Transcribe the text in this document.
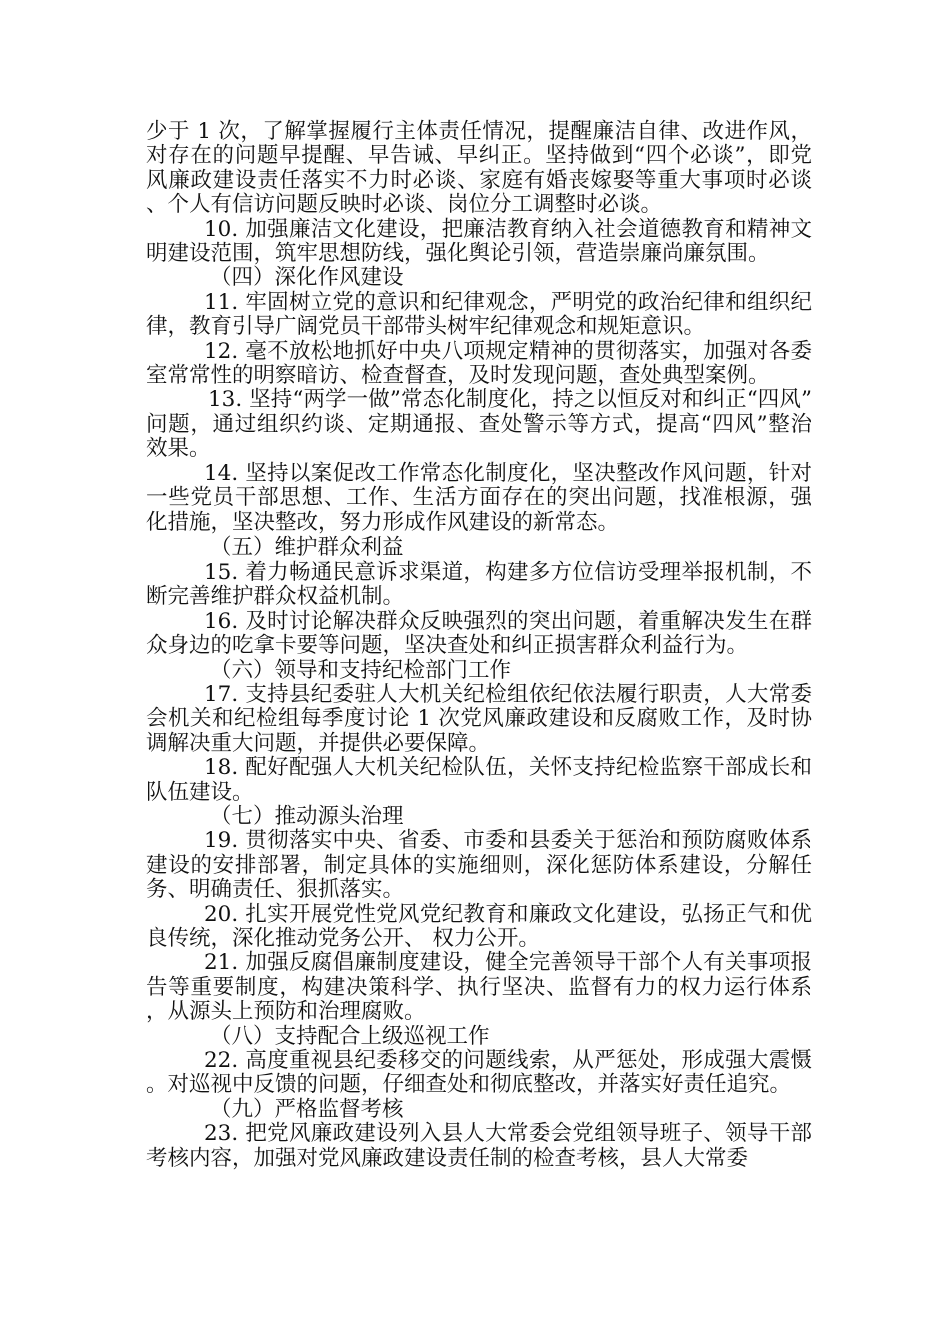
少于 1 次，了解掌握履行主体责任情况，提醒廉洁自律、改进作风，对存在的问题早提醒、早告诫、早纠正。坚持做到“四个必谈”，即党风廉政建设责任落实不力时必谈、家庭有婚丧嫁娶等重大事项时必谈、个人有信访问题反映时必谈、岗位分工调整时必谈。

10. 加强廉洁文化建设，把廉洁教育纳入社会道德教育和精神文明建设范围，筑牢思想防线，强化舆论引领，营造崇廉尚廉氛围。

（四）深化作风建设

11. 牢固树立党的意识和纪律观念，严明党的政治纪律和组织纪律，教育引导广阔党员干部带头树牢纪律观念和规矩意识。

12. 毫不放松地抓好中央八项规定精神的贯彻落实，加强对各委室常常性的明察暗访、检查督查，及时发现问题，查处典型案例。

13. 坚持“两学一做”常态化制度化，持之以恒反对和纠正“四风”问题，通过组织约谈、定期通报、查处警示等方式，提高“四风”整治效果。

14. 坚持以案促改工作常态化制度化，坚决整改作风问题，针对一些党员干部思想、工作、生活方面存在的突出问题，找准根源，强化措施，坚决整改，努力形成作风建设的新常态。

（五）维护群众利益

15. 着力畅通民意诉求渠道，构建多方位信访受理举报机制，不断完善维护群众权益机制。

16. 及时讨论解决群众反映强烈的突出问题，着重解决发生在群众身边的吃拿卡要等问题，坚决查处和纠正损害群众利益行为。

（六）领导和支持纪检部门工作

17. 支持县纪委驻人大机关纪检组依纪依法履行职责，人大常委会机关和纪检组每季度讨论 1 次党风廉政建设和反腐败工作，及时协调解决重大问题，并提供必要保障。

18. 配好配强人大机关纪检队伍，关怀支持纪检监察干部成长和队伍建设。

（七）推动源头治理

19. 贯彻落实中央、省委、市委和县委关于惩治和预防腐败体系建设的安排部署，制定具体的实施细则，深化惩防体系建设，分解任务、明确责任、狠抓落实。

20. 扎实开展党性党风党纪教育和廉政文化建设，弘扬正气和优良传统，深化推动党务公开、 权力公开。

21. 加强反腐倡廉制度建设，健全完善领导干部个人有关事项报告等重要制度，构建决策科学、执行坚决、监督有力的权力运行体系，从源头上预防和治理腐败。

（八）支持配合上级巡视工作

22. 高度重视县纪委移交的问题线索，从严惩处，形成强大震慑。对巡视中反馈的问题，仔细查处和彻底整改，并落实好责任追究。

（九）严格监督考核

23. 把党风廉政建设列入县人大常委会党组领导班子、领导干部考核内容，加强对党风廉政建设责任制的检查考核，县人大常委
